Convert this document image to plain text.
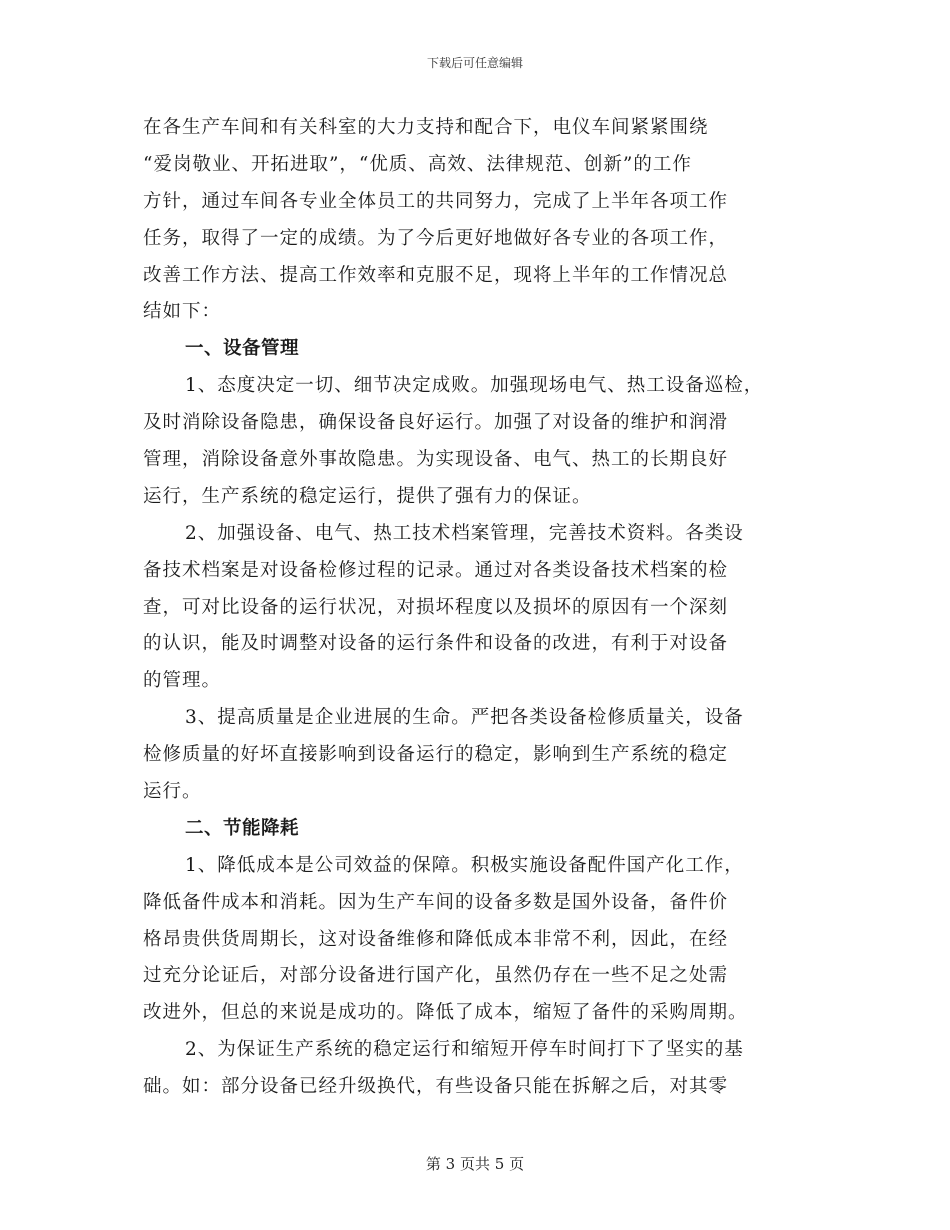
下载后可任意编辑
在各生产车间和有关科室的大力支持和配合下，电仪车间紧紧围绕
“爱岗敬业、开拓进取”，“优质、高效、法律规范、创新”的工作
方针，通过车间各专业全体员工的共同努力，完成了上半年各项工作
任务，取得了一定的成绩。为了今后更好地做好各专业的各项工作，
改善工作方法、提高工作效率和克服不足，现将上半年的工作情况总
结如下：
一、设备管理
1、态度决定一切、细节决定成败。加强现场电气、热工设备巡检，
及时消除设备隐患，确保设备良好运行。加强了对设备的维护和润滑
管理，消除设备意外事故隐患。为实现设备、电气、热工的长期良好
运行，生产系统的稳定运行，提供了强有力的保证。
2、加强设备、电气、热工技术档案管理，完善技术资料。各类设
备技术档案是对设备检修过程的记录。通过对各类设备技术档案的检
查，可对比设备的运行状况，对损坏程度以及损坏的原因有一个深刻
的认识，能及时调整对设备的运行条件和设备的改进，有利于对设备
的管理。
3、提高质量是企业进展的生命。严把各类设备检修质量关，设备
检修质量的好坏直接影响到设备运行的稳定，影响到生产系统的稳定
运行。
二、节能降耗
1、降低成本是公司效益的保障。积极实施设备配件国产化工作，
降低备件成本和消耗。因为生产车间的设备多数是国外设备，备件价
格昂贵供货周期长，这对设备维修和降低成本非常不利，因此，在经
过充分论证后，对部分设备进行国产化，虽然仍存在一些不足之处需
改进外，但总的来说是成功的。降低了成本，缩短了备件的采购周期。
2、为保证生产系统的稳定运行和缩短开停车时间打下了坚实的基
础。如：部分设备已经升级换代，有些设备只能在拆解之后，对其零
第 3 页共 5 页
